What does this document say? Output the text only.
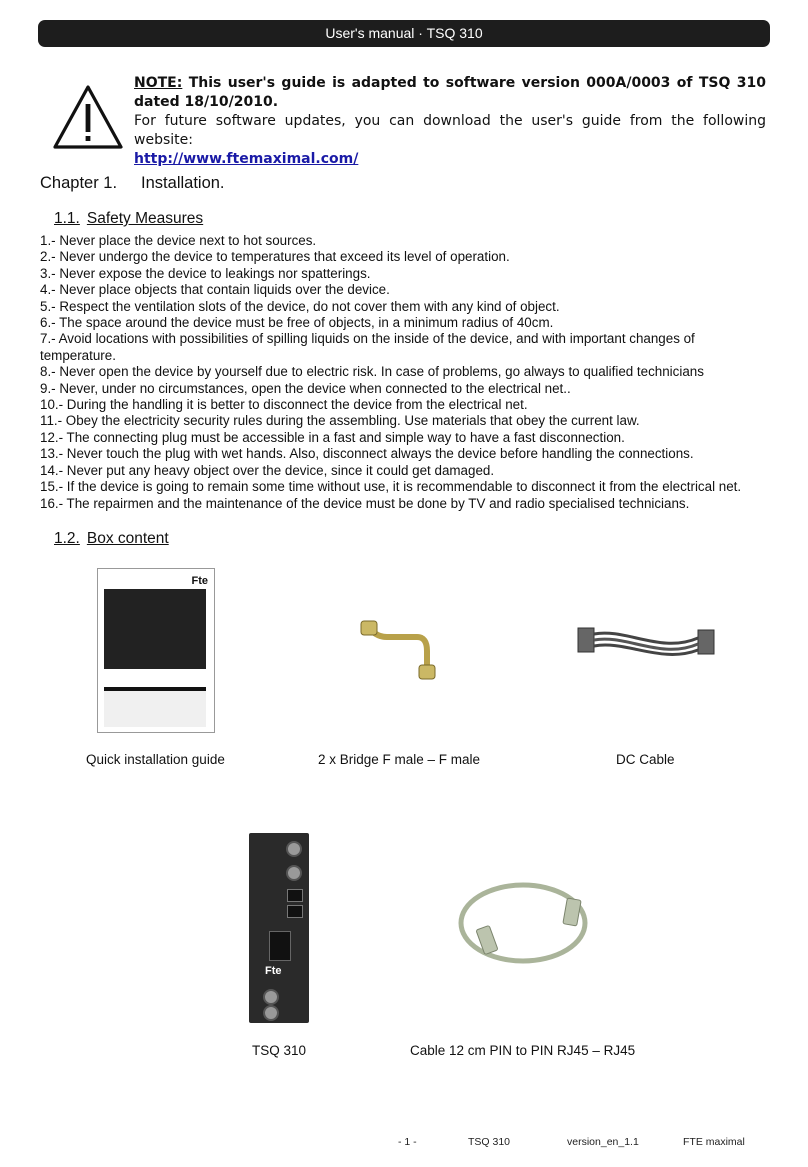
User's manual · TSQ 310
NOTE: This user's guide is adapted to software version 000A/0003 of TSQ 310 dated 18/10/2010.
For future software updates, you can download the user's guide from the following website:
http://www.ftemaximal.com/
Chapter 1. Installation.
1.1. Safety Measures
1.- Never place the device next to hot sources.
2.- Never undergo the device to temperatures that exceed its level of operation.
3.- Never expose the device to leakings nor spatterings.
4.- Never place objects that contain liquids over the device.
5.- Respect the ventilation slots of the device, do not cover them with any kind of object.
6.- The space around the device must be free of objects, in a minimum radius of 40cm.
7.- Avoid locations with possibilities of spilling liquids on the inside of the device, and with important changes of temperature.
8.- Never open the device by yourself due to electric risk. In case of problems, go always to qualified technicians
9.- Never, under no circumstances, open the device when connected to the electrical net..
10.- During the handling it is better to disconnect the device from the electrical net.
11.- Obey the electricity security rules during the assembling. Use materials that obey the current law.
12.- The connecting plug must be accessible in a fast and simple way to have a fast disconnection.
13.- Never touch the plug with wet hands. Also, disconnect always the device before handling the connections.
14.- Never put any heavy object over the device, since it could get damaged.
15.- If the device is going to remain some time without use, it is recommendable to disconnect it from the electrical net.
16.- The repairmen and the maintenance of the device must be done by TV and radio specialised technicians.
1.2. Box content
Fte
Quick installation guide	2 x Bridge F male – F male	DC Cable
Fte
TSQ 310	Cable 12 cm PIN to PIN RJ45 – RJ45
- 1 -	TSQ 310	version_en_1.1	FTE maximal
